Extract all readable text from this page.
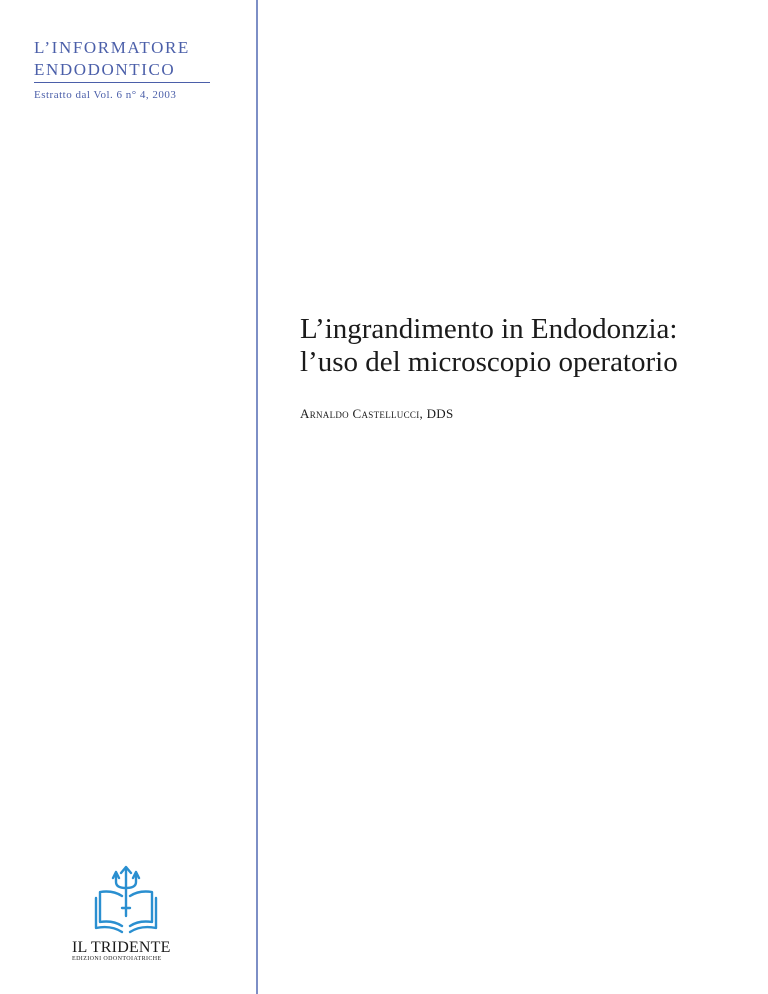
L’INFORMATORE
ENDODONTICO
Estratto dal Vol. 6 n° 4, 2003
L’ingrandimento in Endodonzia:
l’uso del microscopio operatorio
Arnaldo Castellucci, DDS
IL TRIDENTE
EDIZIONI ODONTOIATRICHE
